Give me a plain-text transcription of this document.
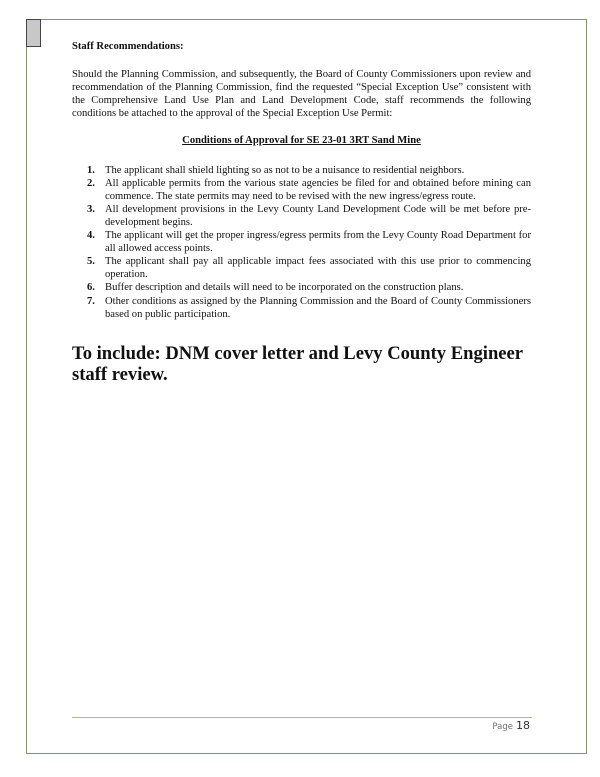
Staff Recommendations:

Should the Planning Commission, and subsequently, the Board of County Commissioners upon review and recommendation of the Planning Commission, find the requested “Special Exception Use” consistent with the Comprehensive Land Use Plan and Land Development Code, staff recommends the following conditions be attached to the approval of the Special Exception Use Permit:

Conditions of Approval for SE 23-01 3RT Sand Mine

1. The applicant shall shield lighting so as not to be a nuisance to residential neighbors.
2. All applicable permits from the various state agencies be filed for and obtained before mining can commence. The state permits may need to be revised with the new ingress/egress route.
3. All development provisions in the Levy County Land Development Code will be met before pre-development begins.
4. The applicant will get the proper ingress/egress permits from the Levy County Road Department for all allowed access points.
5. The applicant shall pay all applicable impact fees associated with this use prior to commencing operation.
6. Buffer description and details will need to be incorporated on the construction plans.
7. Other conditions as assigned by the Planning Commission and the Board of County Commissioners based on public participation.

To include: DNM cover letter and Levy County Engineer staff review.

Page 18
